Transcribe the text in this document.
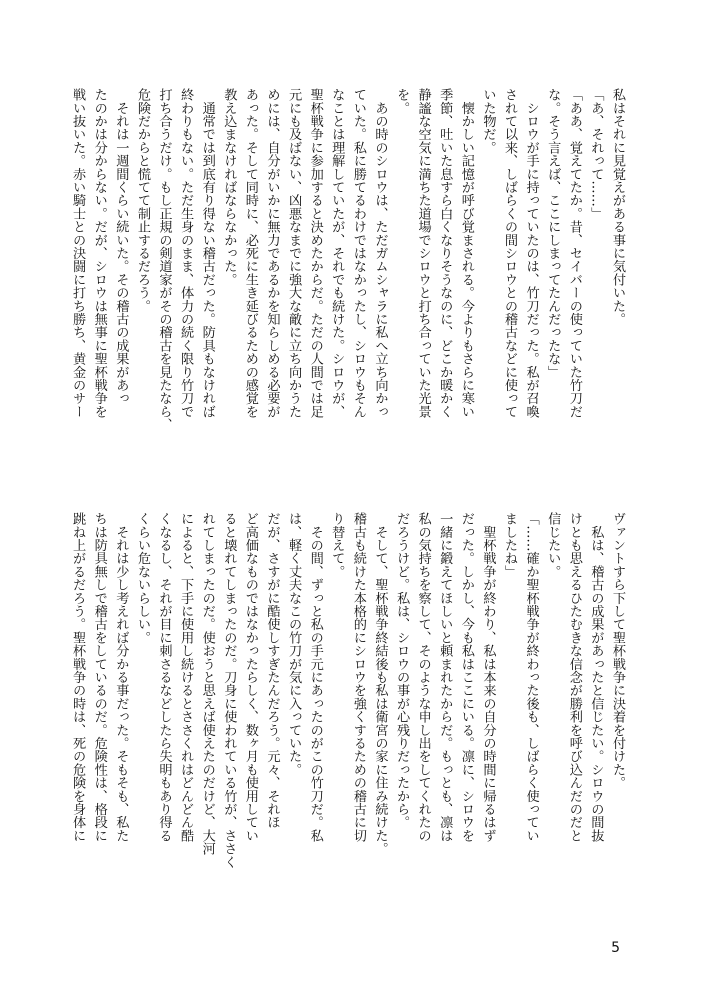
私はそれに見覚えがある事に気付いた。
「あ、それって……」
「ああ、覚えてたか。昔、セイバーの使っていた竹刀だ
な。そう言えば、ここにしまってたんだったな」
　シロウが手に持っていたのは、竹刀だった。私が召喚
されて以来、しばらくの間シロウとの稽古などに使って
いた物だ。
　懐かしい記憶が呼び覚まされる。今よりもさらに寒い
季節、吐いた息すら白くなりそうなのに、どこか暖かく
静謐な空気に満ちた道場でシロウと打ち合っていた光景
を。
　あの時のシロウは、ただガムシャラに私へ立ち向かっ
ていた。私に勝てるわけではなかったし、シロウもそん
なことは理解していたが、それでも続けた。シロウが、
聖杯戦争に参加すると決めたからだ。ただの人間では足
元にも及ばない、凶悪なまでに強大な敵に立ち向かうた
めには、自分がいかに無力であるかを知らしめる必要が
あった。そして同時に、必死に生き延びるための感覚を
教え込まなければならなかった。
　通常では到底有り得ない稽古だった。防具もなければ
終わりもない。ただ生身のまま、体力の続く限り竹刀で
打ち合うだけ。もし正規の剣道家がその稽古を見たなら、
危険だからと慌てて制止するだろう。
　それは一週間くらい続いた。その稽古の成果があっ
たのかは分からない。だが、シロウは無事に聖杯戦争を
戦い抜いた。赤い騎士との決闘に打ち勝ち、黄金のサー
ヴァントすら下して聖杯戦争に決着を付けた。
　私は、稽古の成果があったと信じたい。シロウの間抜
けとも思えるひたむきな信念が勝利を呼び込んだのだと
信じたい。
「……確か聖杯戦争が終わった後も、しばらく使ってい
ましたね」
　聖杯戦争が終わり、私は本来の自分の時間に帰るはず
だった。しかし、今も私はここにいる。凛に、シロウを
一緒に鍛えてほしいと頼まれたからだ。もっとも、凛は
私の気持ちを察して、そのような申し出をしてくれたの
だろうけど。私は、シロウの事が心残りだったから。
　そして、聖杯戦争終結後も私は衛宮の家に住み続けた。
稽古も続けた本格的にシロウを強くするための稽古に切
り替えて。
　その間、ずっと私の手元にあったのがこの竹刀だ。私
は、軽く丈夫なこの竹刀が気に入っていた。
だが、さすがに酷使しすぎたんだろう。元々、それほ
ど高価なものではなかったらしく、数ヶ月も使用してい
ると壊れてしまったのだ。刀身に使われている竹が、ささく
れてしまったのだ。使おうと思えば使えたのだけど、大河
によると、下手に使用し続けるとささくれはどんどん酷
くなるし、それが目に刺さるなどしたら失明もあり得る
くらい危ないらしい。
　それは少し考えれば分かる事だった。そもそも、私た
ちは防具無しで稽古をしているのだ。危険性は、格段に
跳ね上がるだろう。聖杯戦争の時は、死の危険を身体に
5
